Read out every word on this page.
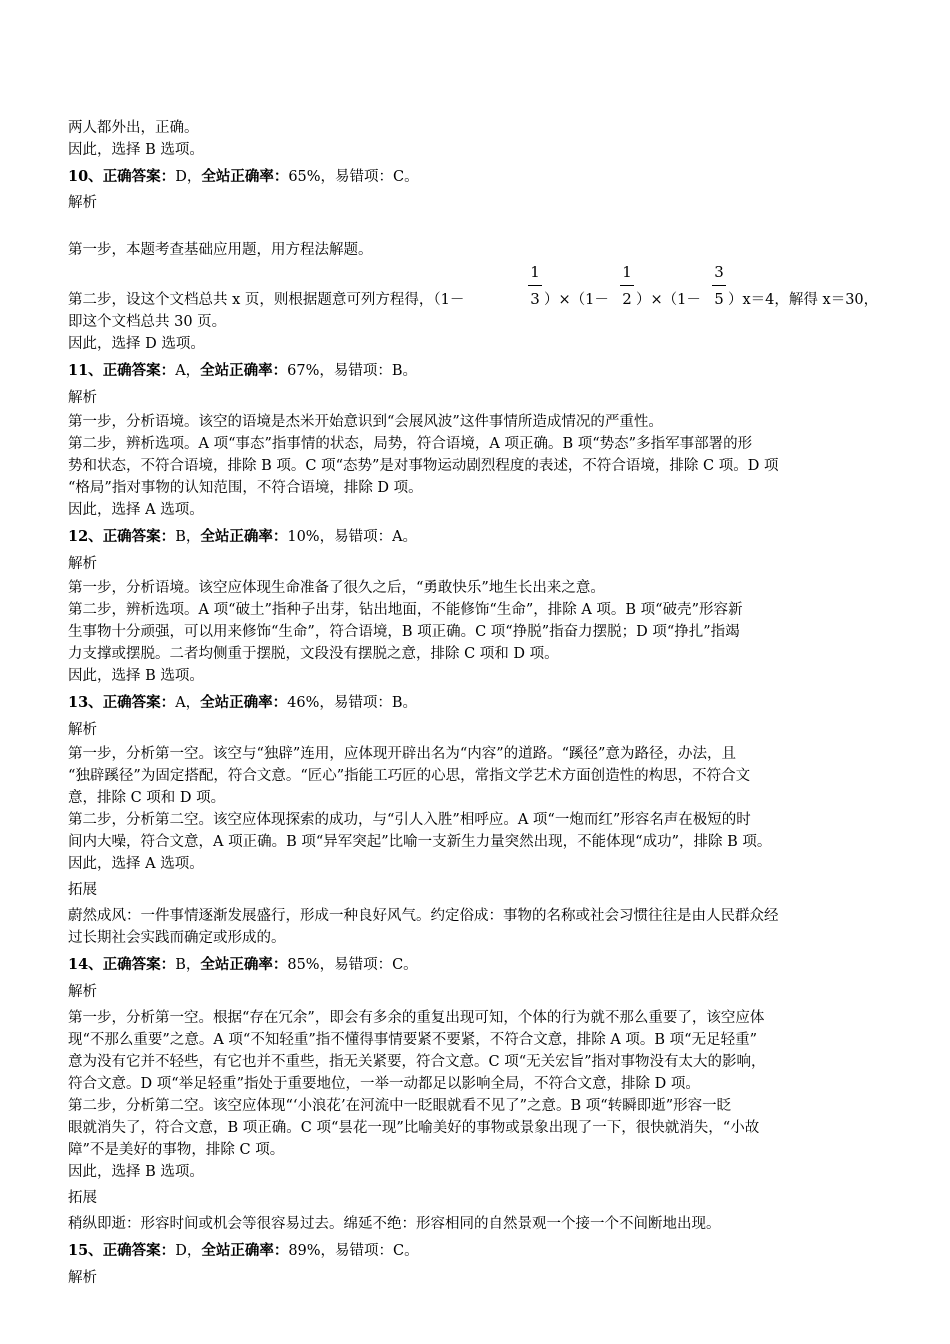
两人都外出，正确。
因此，选择 B 选项。
10、正确答案：D，全站正确率：65%，易错项：C。
解析
第一步，本题考查基础应用题，用方程法解题。
第二步，设这个文档总共 x 页，则根据题意可列方程得，（1－
1
3 ）×（1－
1
2 ）×（1－
3
5 ）x＝4，解得 x＝30，
即这个文档总共 30 页。
因此，选择 D 选项。
11、正确答案：A，全站正确率：67%，易错项：B。
解析
第一步，分析语境。该空的语境是杰米开始意识到“会展风波”这件事情所造成情况的严重性。
第二步，辨析选项。A 项“事态”指事情的状态，局势，符合语境，A 项正确。B 项“势态”多指军事部署的形
势和状态，不符合语境，排除 B 项。C 项“态势”是对事物运动剧烈程度的表述，不符合语境，排除 C 项。D 项
“格局”指对事物的认知范围，不符合语境，排除 D 项。
因此，选择 A 选项。
12、正确答案：B，全站正确率：10%，易错项：A。
解析
第一步，分析语境。该空应体现生命准备了很久之后，“勇敢快乐”地生长出来之意。
第二步，辨析选项。A 项“破土”指种子出芽，钻出地面，不能修饰“生命”，排除 A 项。B 项“破壳”形容新
生事物十分顽强，可以用来修饰“生命”，符合语境，B 项正确。C 项“挣脱”指奋力摆脱；D 项“挣扎”指竭
力支撑或摆脱。二者均侧重于摆脱，文段没有摆脱之意，排除 C 项和 D 项。
因此，选择 B 选项。
13、正确答案：A，全站正确率：46%，易错项：B。
解析
第一步，分析第一空。该空与“独辟”连用，应体现开辟出名为“内容”的道路。“蹊径”意为路径，办法，且
“独辟蹊径”为固定搭配，符合文意。“匠心”指能工巧匠的心思，常指文学艺术方面创造性的构思，不符合文
意，排除 C 项和 D 项。
第二步，分析第二空。该空应体现探索的成功，与“引人入胜”相呼应。A 项“一炮而红”形容名声在极短的时
间内大噪，符合文意，A 项正确。B 项“异军突起”比喻一支新生力量突然出现，不能体现“成功”，排除 B 项。
因此，选择 A 选项。
拓展
蔚然成风：一件事情逐渐发展盛行，形成一种良好风气。约定俗成：事物的名称或社会习惯往往是由人民群众经
过长期社会实践而确定或形成的。
14、正确答案：B，全站正确率：85%，易错项：C。
解析
第一步，分析第一空。根据“存在冗余”，即会有多余的重复出现可知，个体的行为就不那么重要了，该空应体
现“不那么重要”之意。A 项“不知轻重”指不懂得事情要紧不要紧，不符合文意，排除 A 项。B 项“无足轻重”
意为没有它并不轻些，有它也并不重些，指无关紧要，符合文意。C 项“无关宏旨”指对事物没有太大的影响，
符合文意。D 项“举足轻重”指处于重要地位，一举一动都足以影响全局，不符合文意，排除 D 项。
第二步，分析第二空。该空应体现“‘小浪花’在河流中一眨眼就看不见了”之意。B 项“转瞬即逝”形容一眨
眼就消失了，符合文意，B 项正确。C 项“昙花一现”比喻美好的事物或景象出现了一下，很快就消失，“小故
障”不是美好的事物，排除 C 项。
因此，选择 B 选项。
拓展
稍纵即逝：形容时间或机会等很容易过去。绵延不绝：形容相同的自然景观一个接一个不间断地出现。
15、正确答案：D，全站正确率：89%，易错项：C。
解析
